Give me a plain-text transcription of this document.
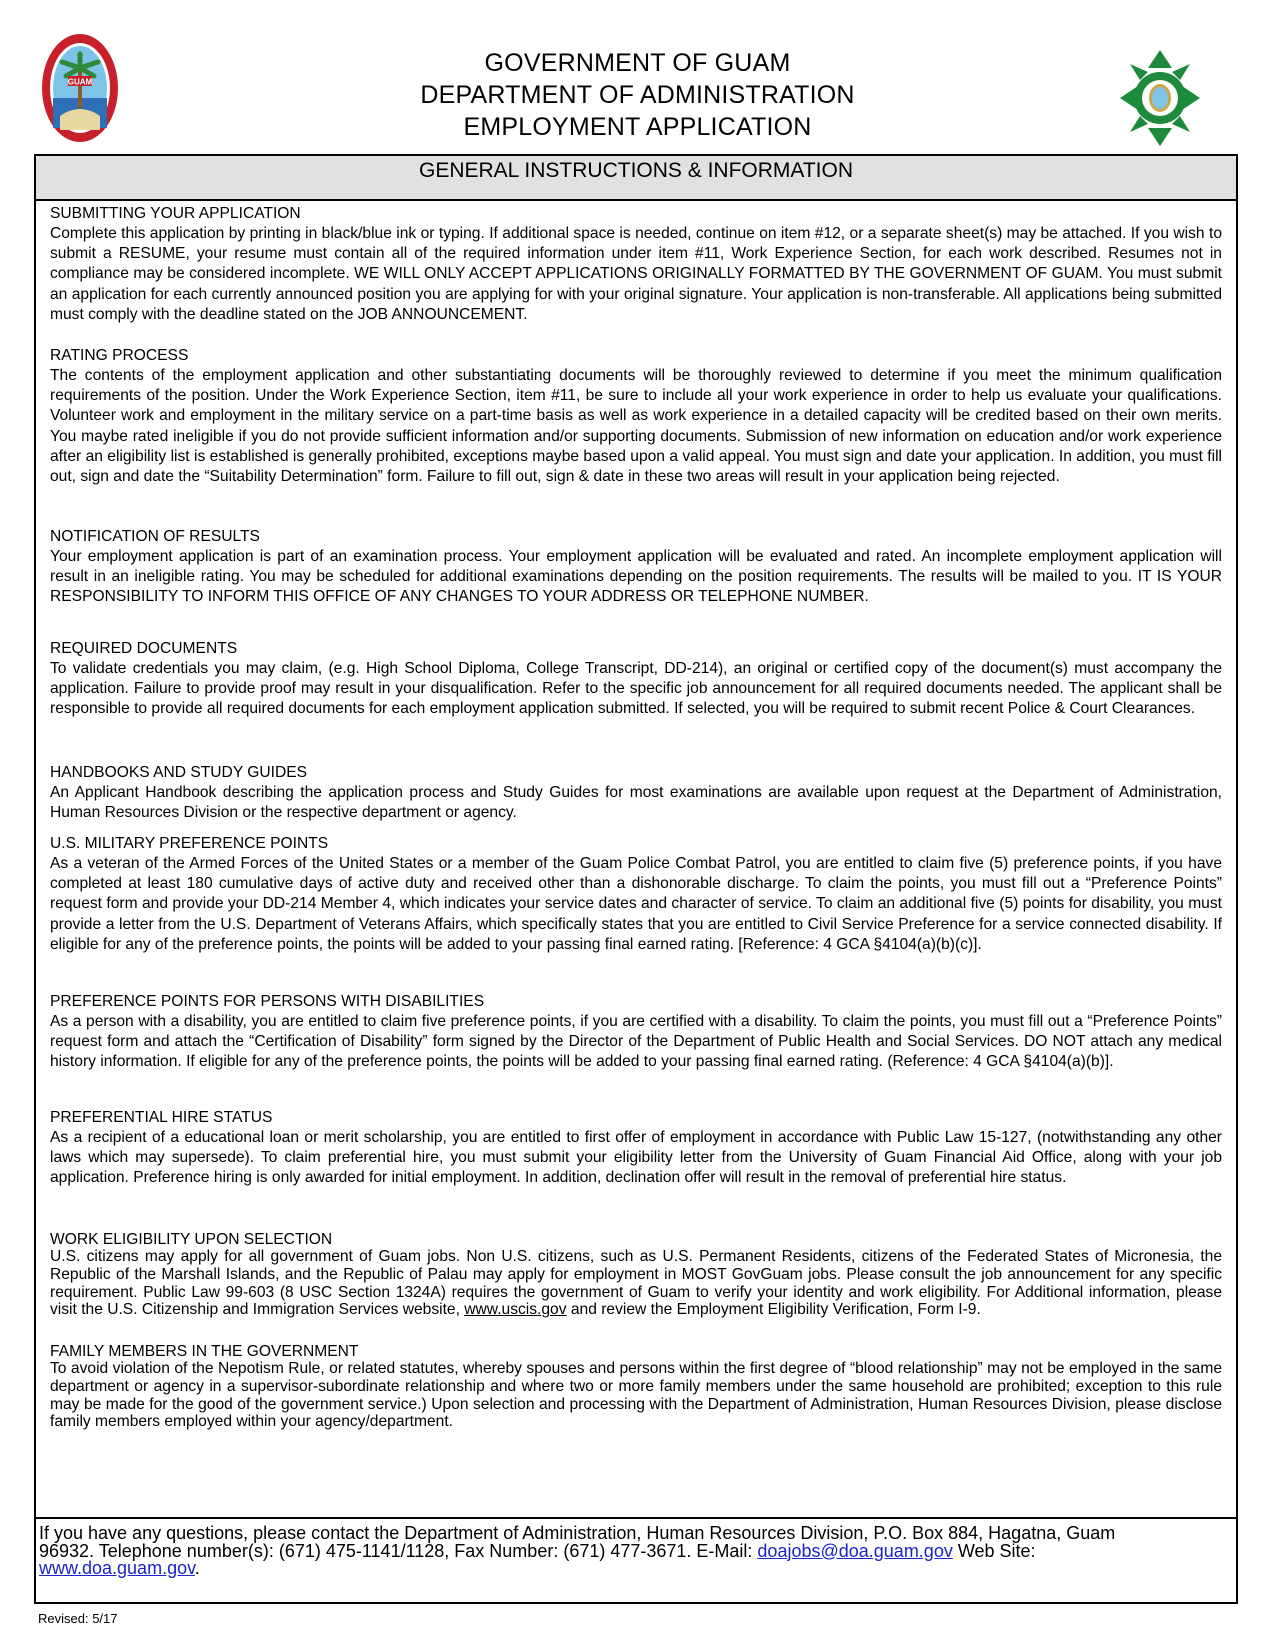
GUAM
GOVERNMENT OF GUAM
DEPARTMENT OF ADMINISTRATION
EMPLOYMENT APPLICATION
GENERAL INSTRUCTIONS & INFORMATION
SUBMITTING YOUR APPLICATION
Complete this application by printing in black/blue ink or typing. If additional space is needed, continue on item #12, or a separate sheet(s) may be attached. If you wish to submit a RESUME, your resume must contain all of the required information under item #11, Work Experience Section, for each work described. Resumes not in compliance may be considered incomplete. WE WILL ONLY ACCEPT APPLICATIONS ORIGINALLY FORMATTED BY THE GOVERNMENT OF GUAM. You must submit an application for each currently announced position you are applying for with your original signature. Your application is non-transferable. All applications being submitted must comply with the deadline stated on the JOB ANNOUNCEMENT.
RATING PROCESS
The contents of the employment application and other substantiating documents will be thoroughly reviewed to determine if you meet the minimum qualification requirements of the position. Under the Work Experience Section, item #11, be sure to include all your work experience in order to help us evaluate your qualifications. Volunteer work and employment in the military service on a part-time basis as well as work experience in a detailed capacity will be credited based on their own merits. You maybe rated ineligible if you do not provide sufficient information and/or supporting documents. Submission of new information on education and/or work experience after an eligibility list is established is generally prohibited, exceptions maybe based upon a valid appeal. You must sign and date your application. In addition, you must fill out, sign and date the “Suitability Determination” form. Failure to fill out, sign & date in these two areas will result in your application being rejected.
NOTIFICATION OF RESULTS
Your employment application is part of an examination process. Your employment application will be evaluated and rated. An incomplete employment application will result in an ineligible rating. You may be scheduled for additional examinations depending on the position requirements. The results will be mailed to you. IT IS YOUR RESPONSIBILITY TO INFORM THIS OFFICE OF ANY CHANGES TO YOUR ADDRESS OR TELEPHONE NUMBER.
REQUIRED DOCUMENTS
To validate credentials you may claim, (e.g. High School Diploma, College Transcript, DD-214), an original or certified copy of the document(s) must accompany the application. Failure to provide proof may result in your disqualification. Refer to the specific job announcement for all required documents needed. The applicant shall be responsible to provide all required documents for each employment application submitted. If selected, you will be required to submit recent Police & Court Clearances.
HANDBOOKS AND STUDY GUIDES
An Applicant Handbook describing the application process and Study Guides for most examinations are available upon request at the Department of Administration, Human Resources Division or the respective department or agency.
U.S. MILITARY PREFERENCE POINTS
As a veteran of the Armed Forces of the United States or a member of the Guam Police Combat Patrol, you are entitled to claim five (5) preference points, if you have completed at least 180 cumulative days of active duty and received other than a dishonorable discharge. To claim the points, you must fill out a “Preference Points” request form and provide your DD-214 Member 4, which indicates your service dates and character of service. To claim an additional five (5) points for disability, you must provide a letter from the U.S. Department of Veterans Affairs, which specifically states that you are entitled to Civil Service Preference for a service connected disability. If eligible for any of the preference points, the points will be added to your passing final earned rating. [Reference: 4 GCA §4104(a)(b)(c)].
PREFERENCE POINTS FOR PERSONS WITH DISABILITIES
As a person with a disability, you are entitled to claim five preference points, if you are certified with a disability. To claim the points, you must fill out a “Preference Points” request form and attach the “Certification of Disability” form signed by the Director of the Department of Public Health and Social Services. DO NOT attach any medical history information. If eligible for any of the preference points, the points will be added to your passing final earned rating. (Reference: 4 GCA §4104(a)(b)].
PREFERENTIAL HIRE STATUS
As a recipient of a educational loan or merit scholarship, you are entitled to first offer of employment in accordance with Public Law 15-127, (notwithstanding any other laws which may supersede). To claim preferential hire, you must submit your eligibility letter from the University of Guam Financial Aid Office, along with your job application. Preference hiring is only awarded for initial employment. In addition, declination offer will result in the removal of preferential hire status.
WORK ELIGIBILITY UPON SELECTION
U.S. citizens may apply for all government of Guam jobs. Non U.S. citizens, such as U.S. Permanent Residents, citizens of the Federated States of Micronesia, the Republic of the Marshall Islands, and the Republic of Palau may apply for employment in MOST GovGuam jobs. Please consult the job announcement for any specific requirement. Public Law 99-603 (8 USC Section 1324A) requires the government of Guam to verify your identity and work eligibility. For Additional information, please visit the U.S. Citizenship and Immigration Services website, www.uscis.gov and review the Employment Eligibility Verification, Form I-9.
FAMILY MEMBERS IN THE GOVERNMENT
To avoid violation of the Nepotism Rule, or related statutes, whereby spouses and persons within the first degree of “blood relationship” may not be employed in the same department or agency in a supervisor-subordinate relationship and where two or more family members under the same household are prohibited; exception to this rule may be made for the good of the government service.) Upon selection and processing with the Department of Administration, Human Resources Division, please disclose family members employed within your agency/department.
If you have any questions, please contact the Department of Administration, Human Resources Division, P.O. Box 884, Hagatna, Guam 96932. Telephone number(s): (671) 475-1141/1128, Fax Number: (671) 477-3671. E-Mail: doajobs@doa.guam.gov Web Site: www.doa.guam.gov.
Revised: 5/17
